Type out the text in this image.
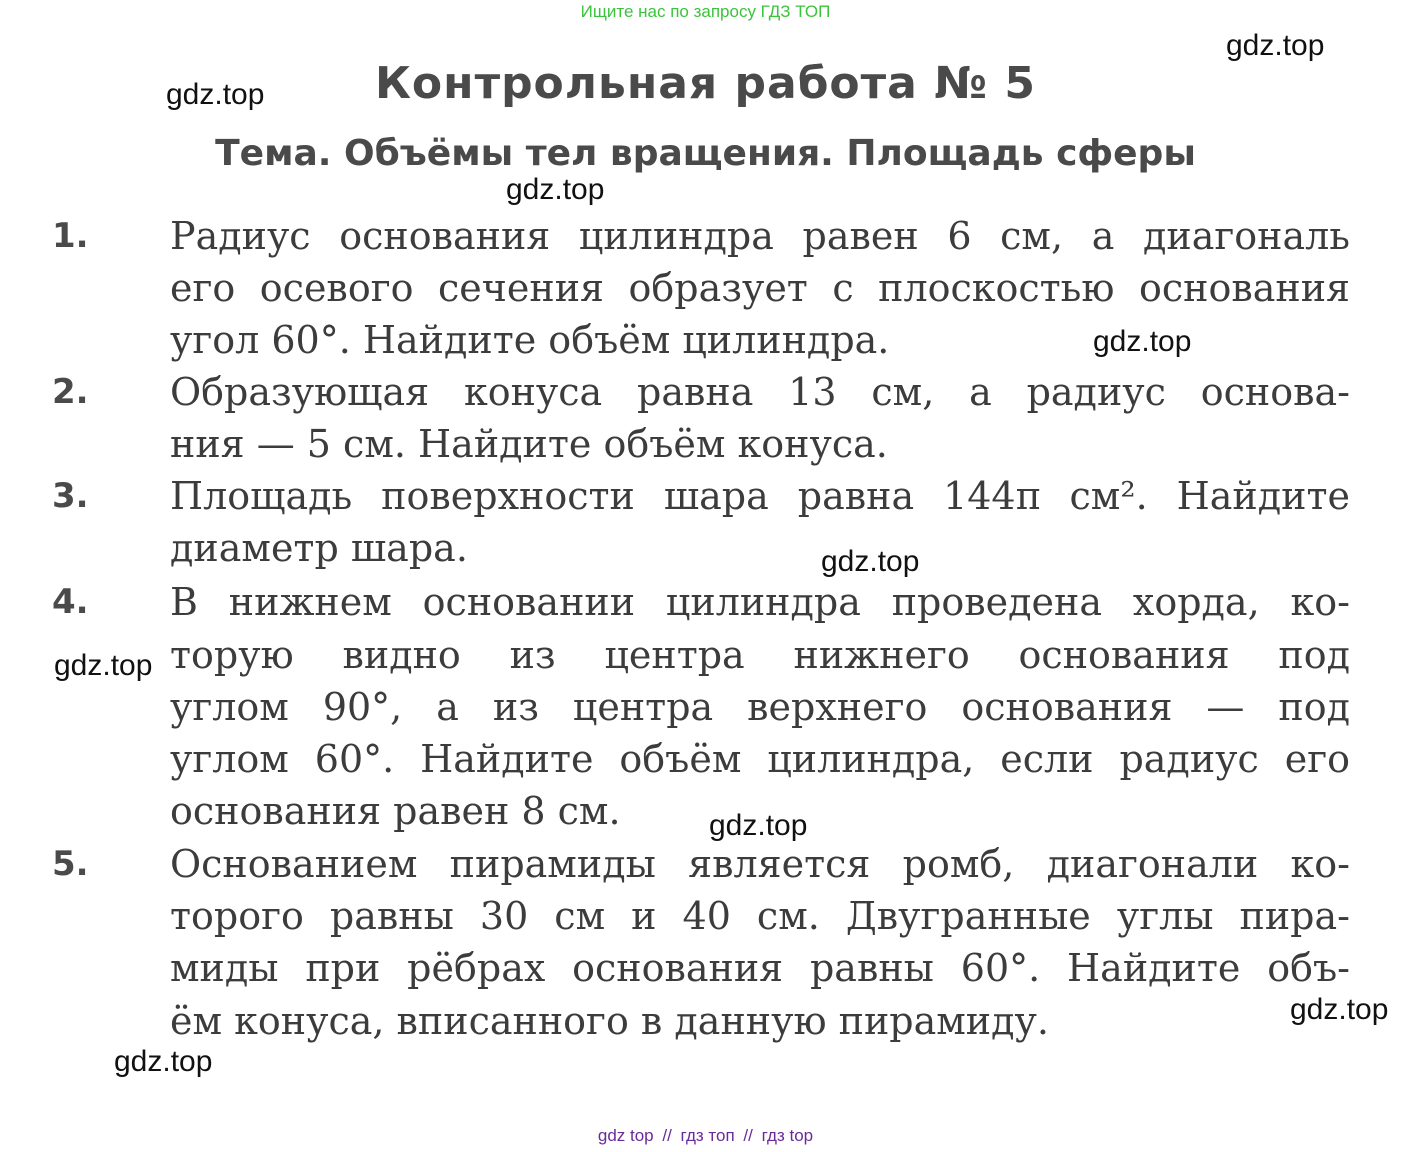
Ищите нас по запросу ГДЗ ТОП
Контрольная работа № 5
Тема. Объёмы тел вращения. Площадь сферы
1. Радиус основания цилиндра равен 6 см, а диагональ
его осевого сечения образует с плоскостью основания
угол 60°. Найдите объём цилиндра.
2. Образующая конуса равна 13 см, а радиус основа-
ния — 5 см. Найдите объём конуса.
3. Площадь поверхности шара равна 144π см². Найдите
диаметр шара.
4. В нижнем основании цилиндра проведена хорда, ко-
торую видно из центра нижнего основания под
углом 90°, а из центра верхнего основания — под
углом 60°. Найдите объём цилиндра, если радиус его
основания равен 8 см.
5. Основанием пирамиды является ромб, диагонали ко-
торого равны 30 см и 40 см. Двугранные углы пира-
миды при рёбрах основания равны 60°. Найдите объ-
ём конуса, вписанного в данную пирамиду.
gdz.top
gdz.top
gdz.top
gdz.top
gdz.top
gdz.top
gdz.top
gdz.top
gdz.top
gdz top // гдз топ // гдз top
